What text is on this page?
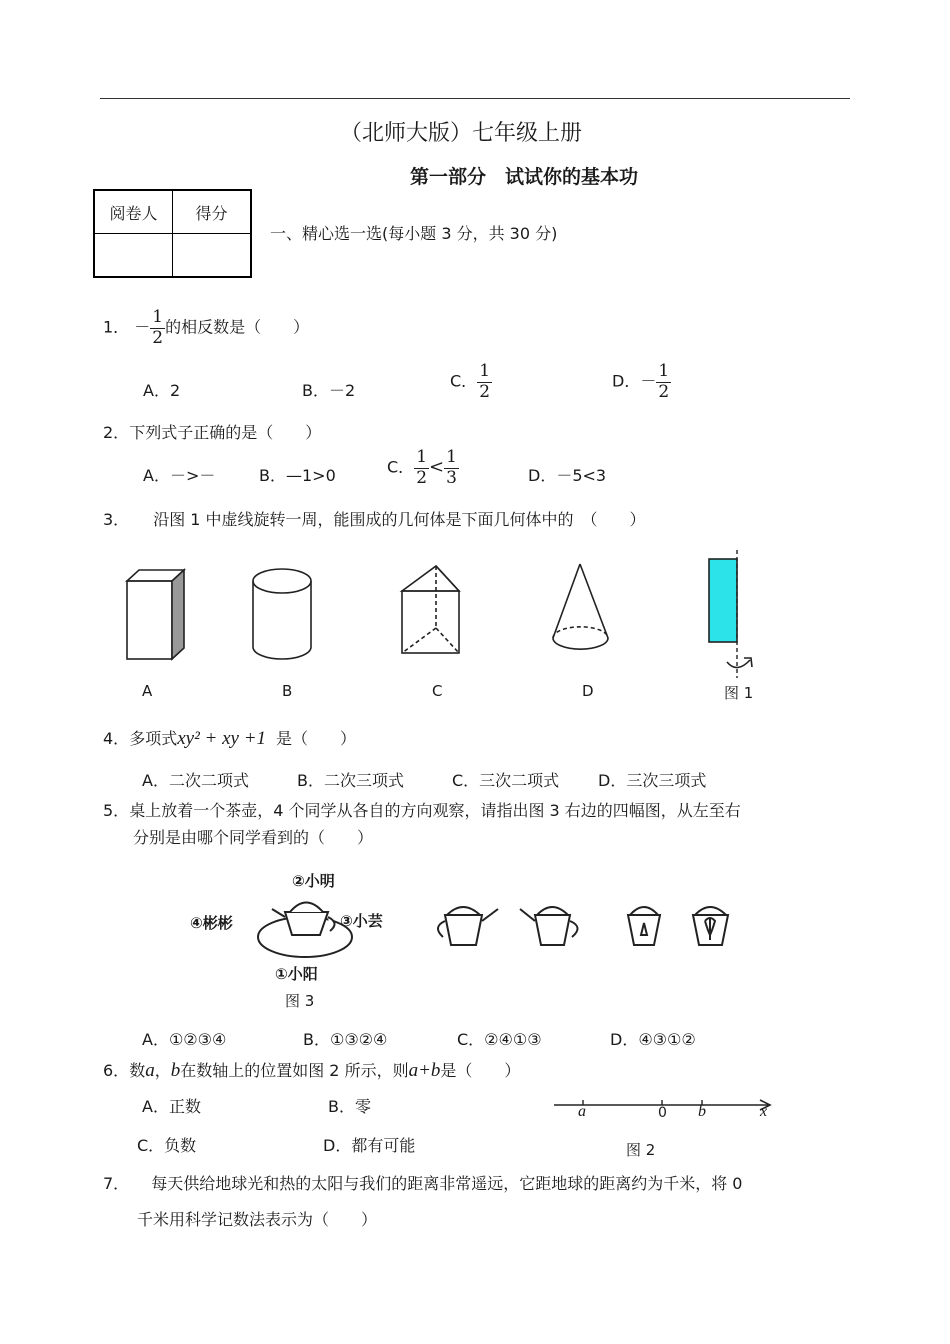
（北师大版）七年级上册
第一部分　试试你的基本功
阅卷人	得分

一、精心选一选(每小题 3 分，共 30 分)
1． － $\frac{1}{2}$ 的相反数是（　　）
A．2	B．－2	C． $\frac{1}{2}$	D．－ $\frac{1}{2}$
2．下列式子正确的是（　　）
A．－>－	B．—1>0	C． $\frac{1}{2} < \frac{1}{3}$	D．－5<3
3． 沿图 1 中虚线旋转一周，能围成的几何体是下面几何体中的　（　　）
A	B	C	D	图 1
4．多项式xy² + xy +1 是（　　）
A．二次二项式	B．二次三项式	C．三次二项式 D．三次三项式
5．桌上放着一个茶壶，4 个同学从各自的方向观察，请指出图 3 右边的四幅图，从左至右
分别是由哪个同学看到的（　　）
②小明
④彬彬	③小芸
①小阳
图 3
A．①②③④	B．①③②④	C．②④①③	D．④③①②
6．数a，b在数轴上的位置如图 2 所示，则a+b是（　　）
A．正数	B．零
C．负数	D．都有可能
a	0 b	x
图 2
7． 每天供给地球光和热的太阳与我们的距离非常遥远，它距地球的距离约为千米，将 0
千米用科学记数法表示为（　　）
